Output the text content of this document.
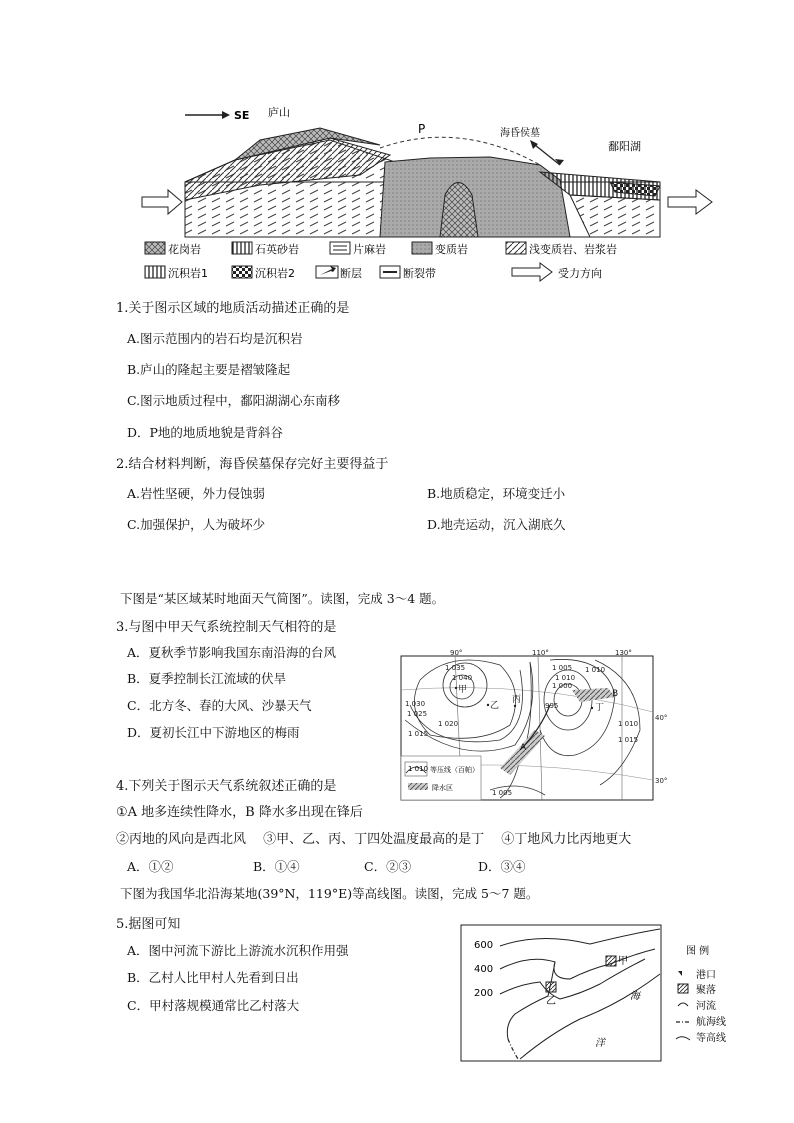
SE 庐山
P	海昏侯墓
鄱阳湖
花岗岩	石英砂岩	片麻岩	变质岩	浅变质岩、岩浆岩
沉积岩1	沉积岩2	断层	断裂带	受力方向
1.关于图示区域的地质活动描述正确的是
A.图示范围内的岩石均是沉积岩
B.庐山的隆起主要是褶皱隆起
C.图示地质过程中，鄱阳湖湖心东南移
D．P地的地质地貌是背斜谷
2.结合材料判断，海昏侯墓保存完好主要得益于
A.岩性坚硬，外力侵蚀弱	B.地质稳定，环境变迁小
C.加强保护，人为破坏少	D.地壳运动，沉入湖底久
下图是“某区域某时地面天气简图”。读图，完成 3～4 题。
3.与图中甲天气系统控制天气相符的是
A．夏秋季节影响我国东南沿海的台风
B．夏季控制长江流域的伏旱
C．北方冬、春的大风、沙暴天气
D．夏初长江中下游地区的梅雨
90°	110°	130°
40°
30°
1 035
1 040
1 030
1 025
1 020
1 015
1 005
1 010
1 000
995
1 010
1 010
1 015
1 005
甲
乙
丙
丁
A
B
1 010 等压线（百帕）
降水区
4.下列关于图示天气系统叙述正确的是
①A 地多连续性降水，B 降水多出现在锋后
②丙地的风向是西北风　 ③甲、乙、丙、丁四处温度最高的是丁　 ④丁地风力比丙地更大
A．①②	B．①④	C．②③	D．③④
下图为我国华北沿海某地(39°N，119°E)等高线图。读图，完成 5～7 题。
5.据图可知
A．图中河流下游比上游流水沉积作用强
B．乙村人比甲村人先看到日出
C．甲村落规模通常比乙村落大
600
400
200
甲
乙	海
洋
图 例
港口
聚落
河流
航海线
等高线
